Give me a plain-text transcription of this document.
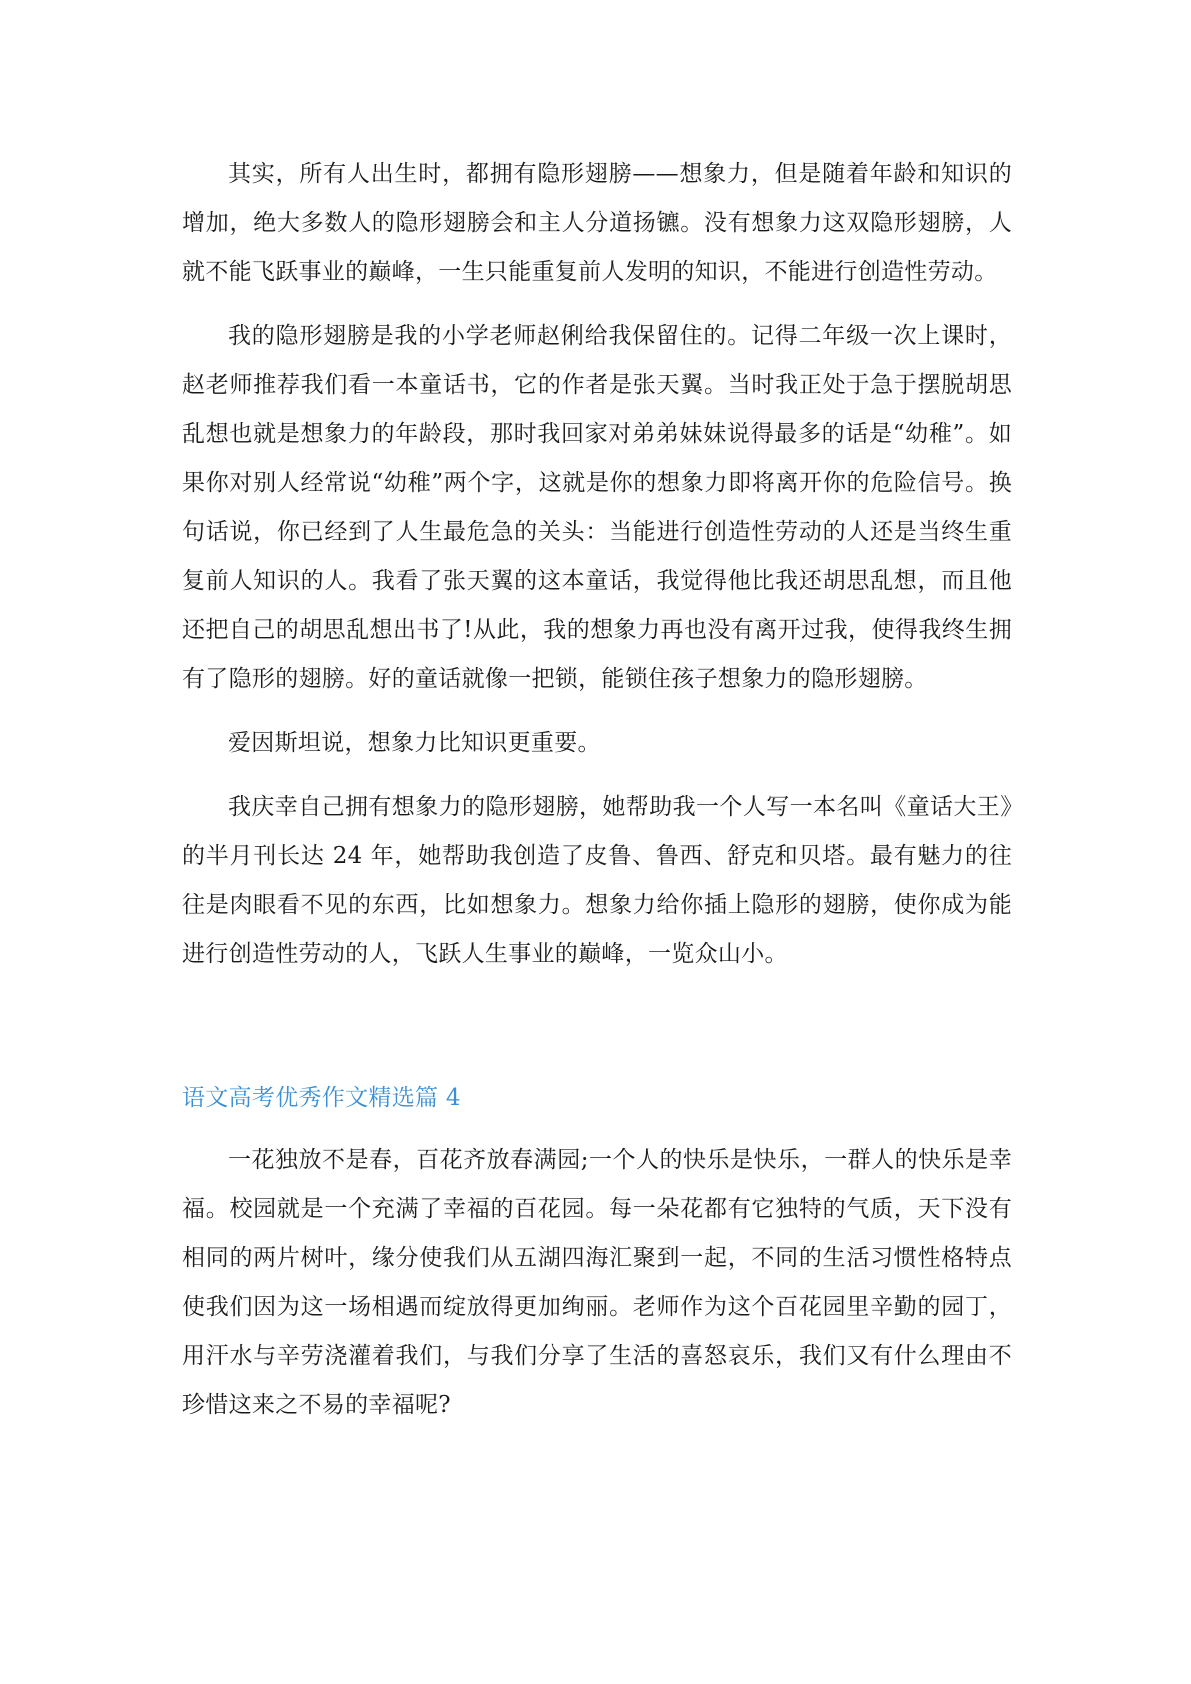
其实，所有人出生时，都拥有隐形翅膀——想象力，但是随着年龄和知识的增加，绝大多数人的隐形翅膀会和主人分道扬镳。没有想象力这双隐形翅膀，人就不能飞跃事业的巅峰，一生只能重复前人发明的知识，不能进行创造性劳动。

我的隐形翅膀是我的小学老师赵俐给我保留住的。记得二年级一次上课时，赵老师推荐我们看一本童话书，它的作者是张天翼。当时我正处于急于摆脱胡思乱想也就是想象力的年龄段，那时我回家对弟弟妹妹说得最多的话是“幼稚”。如果你对别人经常说“幼稚”两个字，这就是你的想象力即将离开你的危险信号。换句话说，你已经到了人生最危急的关头：当能进行创造性劳动的人还是当终生重复前人知识的人。我看了张天翼的这本童话，我觉得他比我还胡思乱想，而且他还把自己的胡思乱想出书了!从此，我的想象力再也没有离开过我，使得我终生拥有了隐形的翅膀。好的童话就像一把锁，能锁住孩子想象力的隐形翅膀。

爱因斯坦说，想象力比知识更重要。

我庆幸自己拥有想象力的隐形翅膀，她帮助我一个人写一本名叫《童话大王》的半月刊长达 24 年，她帮助我创造了皮鲁、鲁西、舒克和贝塔。最有魅力的往往是肉眼看不见的东西，比如想象力。想象力给你插上隐形的翅膀，使你成为能进行创造性劳动的人，飞跃人生事业的巅峰，一览众山小。

语文高考优秀作文精选篇 4

一花独放不是春，百花齐放春满园;一个人的快乐是快乐，一群人的快乐是幸福。校园就是一个充满了幸福的百花园。每一朵花都有它独特的气质，天下没有相同的两片树叶，缘分使我们从五湖四海汇聚到一起，不同的生活习惯性格特点使我们因为这一场相遇而绽放得更加绚丽。老师作为这个百花园里辛勤的园丁，用汗水与辛劳浇灌着我们，与我们分享了生活的喜怒哀乐，我们又有什么理由不珍惜这来之不易的幸福呢?
